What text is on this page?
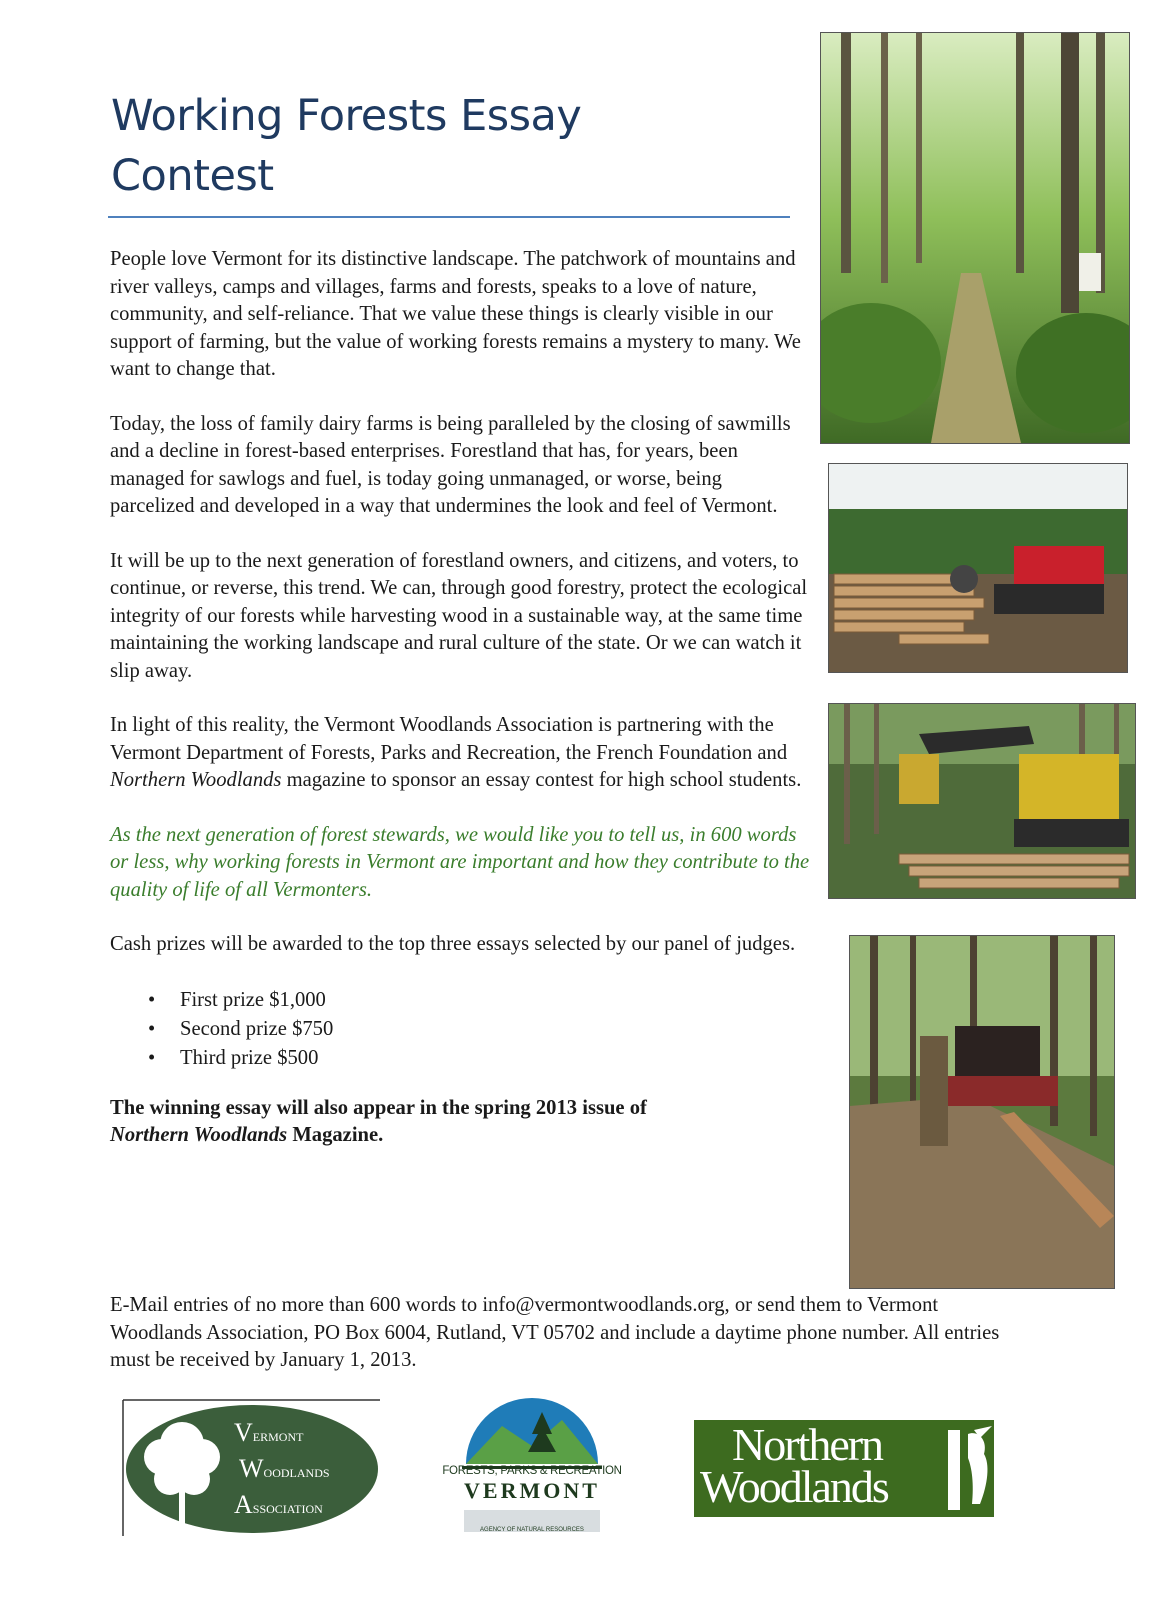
Working Forests Essay
Contest

People love Vermont for its distinctive landscape. The patchwork of mountains and river valleys, camps and villages, farms and forests, speaks to a love of nature, community, and self-reliance. That we value these things is clearly visible in our support of farming, but the value of working forests remains a mystery to many. We want to change that.

Today, the loss of family dairy farms is being paralleled by the closing of sawmills and a decline in forest-based enterprises. Forestland that has, for years, been managed for sawlogs and fuel, is today going unmanaged, or worse, being parcelized and developed in a way that undermines the look and feel of Vermont.

It will be up to the next generation of forestland owners, and citizens, and voters, to continue, or reverse, this trend. We can, through good forestry, protect the ecological integrity of our forests while harvesting wood in a sustainable way, at the same time maintaining the working landscape and rural culture of the state. Or we can watch it slip away.

In light of this reality, the Vermont Woodlands Association is partnering with the Vermont Department of Forests, Parks and Recreation, the French Foundation and Northern Woodlands magazine to sponsor an essay contest for high school students.

As the next generation of forest stewards, we would like you to tell us, in 600 words or less, why working forests in Vermont are important and how they contribute to the quality of life of all Vermonters.

Cash prizes will be awarded to the top three essays selected by our panel of judges.

• First prize $1,000
• Second prize $750
• Third prize $500

The winning essay will also appear in the spring 2013 issue of
Northern Woodlands Magazine.

E-Mail entries of no more than 600 words to info@vermontwoodlands.org, or send them to Vermont Woodlands Association, PO Box 6004, Rutland, VT 05702 and include a daytime phone number. All entries must be received by January 1, 2013.
VERMONT
WOODLANDS
ASSOCIATION
FORESTS, PARKS & RECREATION
VERMONT
AGENCY OF NATURAL RESOURCES
Northern
Woodlands
